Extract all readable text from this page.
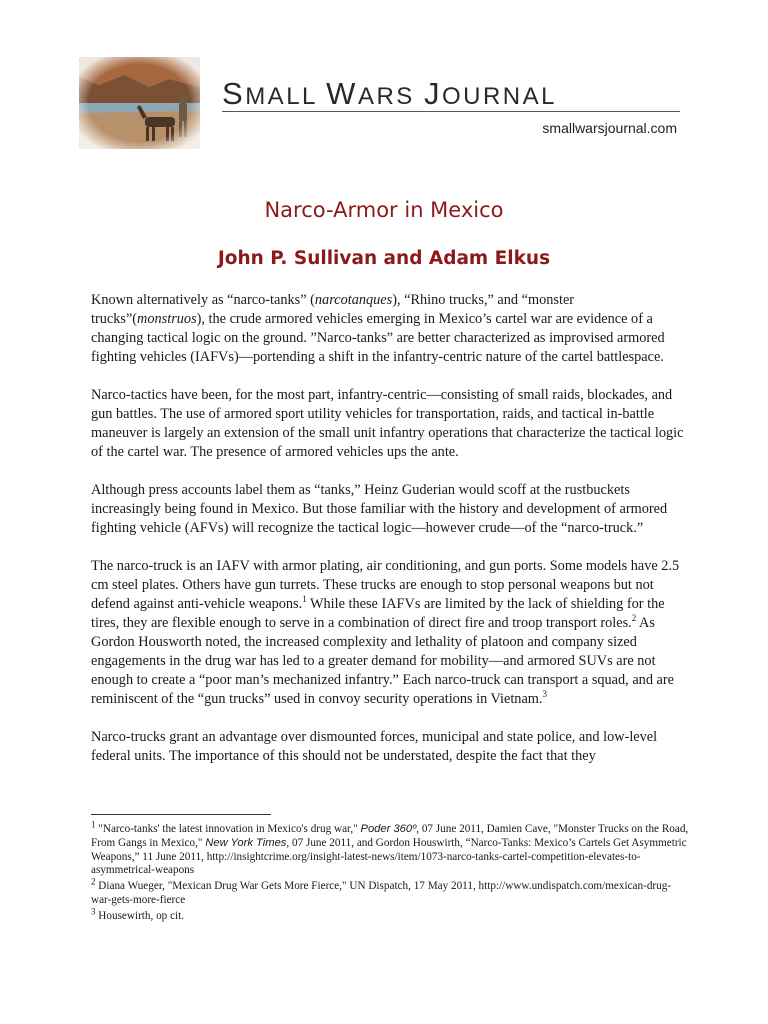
SMALL WARS JOURNAL
smallwarsjournal.com
Narco-Armor in Mexico
John P. Sullivan and Adam Elkus

Known alternatively as “narco-tanks” (narcotanques), “Rhino trucks,” and “monster trucks”(monstruos), the crude armored vehicles emerging in Mexico’s cartel war are evidence of a changing tactical logic on the ground. ”Narco-tanks” are better characterized as improvised armored fighting vehicles (IAFVs)—portending a shift in the infantry-centric nature of the cartel battlespace.

Narco-tactics have been, for the most part, infantry-centric—consisting of small raids, blockades, and gun battles. The use of armored sport utility vehicles for transportation, raids, and tactical in-battle maneuver is largely an extension of the small unit infantry operations that characterize the tactical logic of the cartel war. The presence of armored vehicles ups the ante.

Although press accounts label them as “tanks,” Heinz Guderian would scoff at the rustbuckets increasingly being found in Mexico. But those familiar with the history and development of armored fighting vehicle (AFVs) will recognize the tactical logic—however crude—of the “narco-truck.”

The narco-truck is an IAFV with armor plating, air conditioning, and gun ports. Some models have 2.5 cm steel plates. Others have gun turrets. These trucks are enough to stop personal weapons but not defend against anti-vehicle weapons.$^1$ While these IAFVs are limited by the lack of shielding for the tires, they are flexible enough to serve in a combination of direct fire and troop transport roles.$^2$ As Gordon Housworth noted, the increased complexity and lethality of platoon and company sized engagements in the drug war has led to a greater demand for mobility—and armored SUVs are not enough to create a “poor man’s mechanized infantry.” Each narco-truck can transport a squad, and are reminiscent of the “gun trucks” used in convoy security operations in Vietnam.$^3$

Narco-trucks grant an advantage over dismounted forces, municipal and state police, and low-level federal units. The importance of this should not be understated, despite the fact that they

$^1$ "Narco-tanks' the latest innovation in Mexico's drug war," Poder 360º, 07 June 2011, Damien Cave, "Monster Trucks on the Road, From Gangs in Mexico," New York Times, 07 June 2011, and Gordon Houswirth, “Narco-Tanks: Mexico’s Cartels Get Asymmetric Weapons,” 11 June 2011, http://insightcrime.org/insight-latest-news/item/1073-narco-tanks-cartel-competition-elevates-to-asymmetrical-weapons
$^2$ Diana Wueger, "Mexican Drug War Gets More Fierce," UN Dispatch, 17 May 2011, http://www.undispatch.com/mexican-drug-war-gets-more-fierce
$^3$ Housewirth, op cit.
